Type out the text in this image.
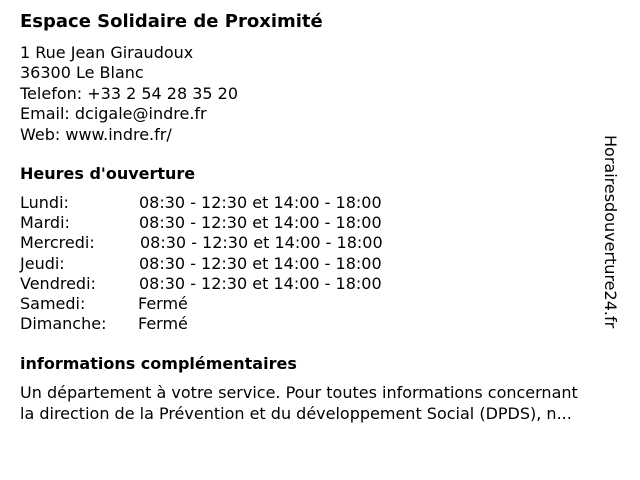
Espace Solidaire de Proximité
1 Rue Jean Giraudoux
36300 Le Blanc
Telefon: +33 2 54 28 35 20
Email: dcigale@indre.fr
Web: www.indre.fr/
Heures d'ouverture
Lundi:	08:30 - 12:30 et 14:00 - 18:00
Mardi:	08:30 - 12:30 et 14:00 - 18:00
Mercredi:	08:30 - 12:30 et 14:00 - 18:00
Jeudi:	08:30 - 12:30 et 14:00 - 18:00
Vendredi:	08:30 - 12:30 et 14:00 - 18:00
Samedi:	Fermé
Dimanche: Fermé
informations complémentaires
Un département à votre service. Pour toutes informations concernant
la direction de la Prévention et du développement Social (DPDS), n...
Horairesdouverture24.fr
